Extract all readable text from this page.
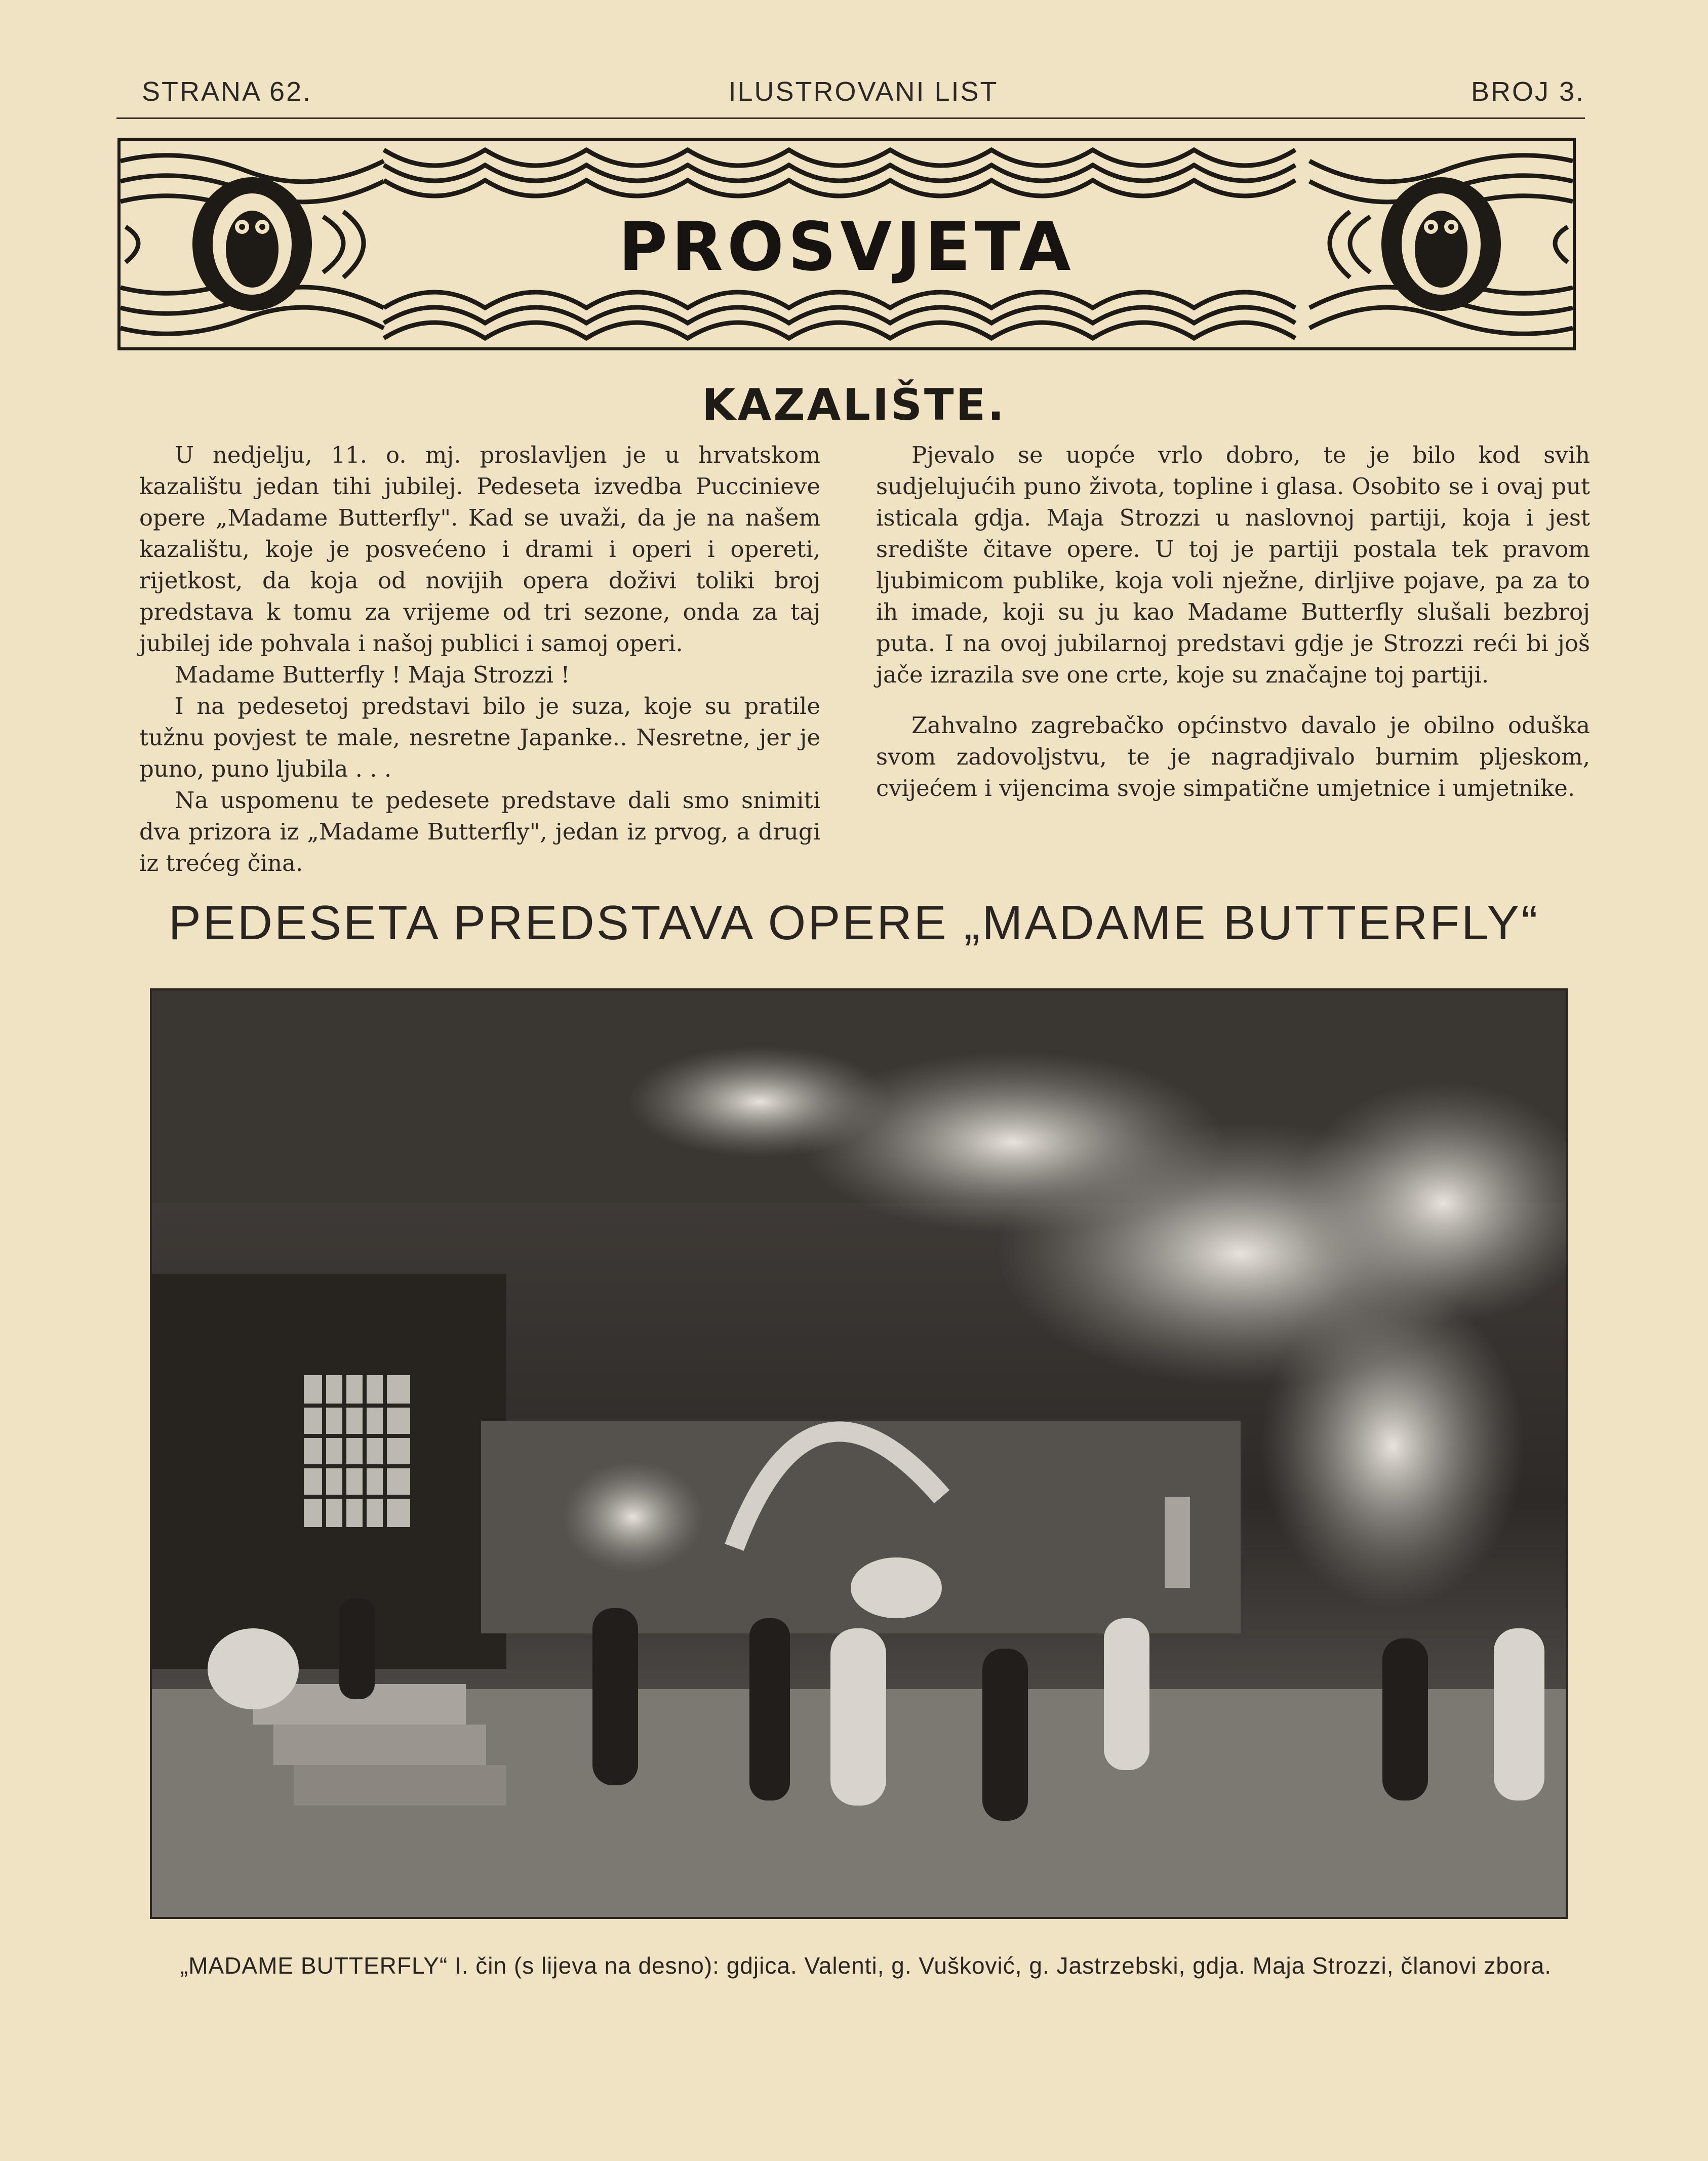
STRANA 62.	ILUSTROVANI LIST	BROJ 3.
PROSVJETA
KAZALIŠTE.

U nedjelju, 11. o. mj. proslavljen je u hrvatskom kazalištu jedan tihi jubilej. Pedeseta izvedba Puccinieve opere „Madame Butterfly". Kad se uvaži, da je na našem kazalištu, koje je posvećeno i drami i operi i opereti, rijetkost, da koja od novijih opera doživi toliki broj predstava k tomu za vrijeme od tri sezone, onda za taj jubilej ide pohvala i našoj publici i samoj operi.

Madame Butterfly ! Maja Strozzi !

I na pedesetoj predstavi bilo je suza, koje su pratile tužnu povjest te male, nesretne Japanke.. Nesretne, jer je puno, puno ljubila . . .

Na uspomenu te pedesete predstave dali smo snimiti dva prizora iz „Madame Butterfly", jedan iz prvog, a drugi iz trećeg čina.

Pjevalo se uopće vrlo dobro, te je bilo kod svih sudjelujućih puno života, topline i glasa. Osobito se i ovaj put isticala gdja. Maja Strozzi u naslovnoj partiji, koja i jest središte čitave opere. U toj je partiji postala tek pravom ljubimicom publike, koja voli nježne, dirljive pojave, pa za to ih imade, koji su ju kao Madame Butterfly slušali bezbroj puta. I na ovoj jubilarnoj predstavi gdje je Strozzi reći bi još jače izrazila sve one crte, koje su značajne toj partiji.

Zahvalno zagrebačko općinstvo davalo je obilno oduška svom zadovoljstvu, te je nagradjivalo burnim pljeskom, cvijećem i vijencima svoje simpatične umjetnice i umjetnike.

PEDESETA PREDSTAVA OPERE „MADAME BUTTERFLY“
„MADAME BUTTERFLY“ I. čin (s lijeva na desno): gdjica. Valenti, g. Vušković, g. Jastrzebski, gdja. Maja Strozzi, članovi zbora.
